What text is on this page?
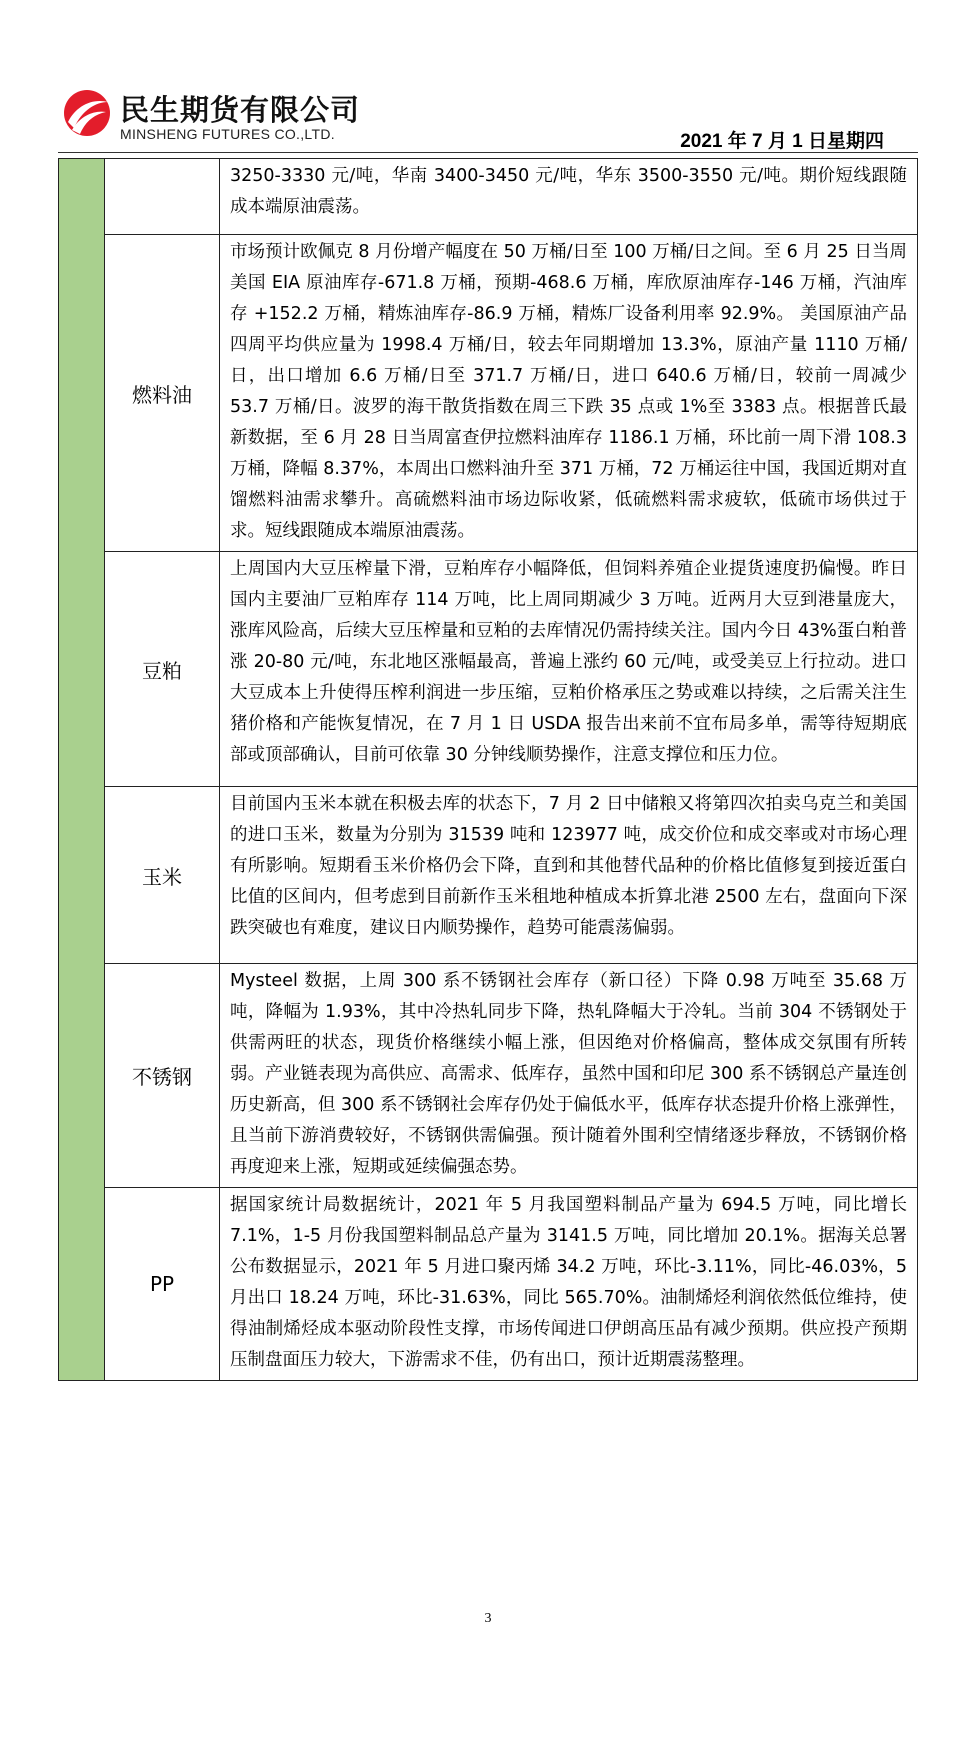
民生期货有限公司
MINSHENG FUTURES CO.,LTD.	2021 年 7 月 1 日星期四
		3250-3330 元/吨，华南 3400-3450 元/吨，华东 3500-3550 元/吨。期价短线跟随成本端原油震荡。
	燃料油	市场预计欧佩克 8 月份增产幅度在 50 万桶/日至 100 万桶/日之间。至 6 月 25 日当周美国 EIA 原油库存-671.8 万桶，预期-468.6 万桶，库欣原油库存-146 万桶，汽油库存 +152.2 万桶，精炼油库存-86.9 万桶，精炼厂设备利用率 92.9%。 美国原油产品四周平均供应量为 1998.4 万桶/日，较去年同期增加 13.3%，原油产量 1110 万桶/日，出口增加 6.6 万桶/日至 371.7 万桶/日，进口 640.6 万桶/日，较前一周减少 53.7 万桶/日。波罗的海干散货指数在周三下跌 35 点或 1%至 3383 点。根据普氏最新数据，至 6 月 28 日当周富查伊拉燃料油库存 1186.1 万桶，环比前一周下滑 108.3 万桶，降幅 8.37%，本周出口燃料油升至 371 万桶，72 万桶运往中国，我国近期对直馏燃料油需求攀升。高硫燃料油市场边际收紧，低硫燃料需求疲软，低硫市场供过于求。短线跟随成本端原油震荡。
	豆粕	上周国内大豆压榨量下滑，豆粕库存小幅降低，但饲料养殖企业提货速度扔偏慢。昨日国内主要油厂豆粕库存 114 万吨，比上周同期减少 3 万吨。近两月大豆到港量庞大，涨库风险高，后续大豆压榨量和豆粕的去库情况仍需持续关注。国内今日 43%蛋白粕普涨 20-80 元/吨，东北地区涨幅最高，普遍上涨约 60 元/吨，或受美豆上行拉动。进口大豆成本上升使得压榨利润进一步压缩，豆粕价格承压之势或难以持续，之后需关注生猪价格和产能恢复情况，在 7 月 1 日 USDA 报告出来前不宜布局多单，需等待短期底部或顶部确认，目前可依靠 30 分钟线顺势操作，注意支撑位和压力位。
	玉米	目前国内玉米本就在积极去库的状态下，7 月 2 日中储粮又将第四次拍卖乌克兰和美国的进口玉米，数量为分别为 31539 吨和 123977 吨，成交价位和成交率或对市场心理有所影响。短期看玉米价格仍会下降，直到和其他替代品种的价格比值修复到接近蛋白比值的区间内，但考虑到目前新作玉米租地种植成本折算北港 2500 左右，盘面向下深跌突破也有难度，建议日内顺势操作，趋势可能震荡偏弱。
	不锈钢	Mysteel 数据，上周 300 系不锈钢社会库存（新口径）下降 0.98 万吨至 35.68 万吨，降幅为 1.93%，其中冷热轧同步下降，热轧降幅大于冷轧。当前 304 不锈钢处于供需两旺的状态，现货价格继续小幅上涨，但因绝对价格偏高，整体成交氛围有所转弱。产业链表现为高供应、高需求、低库存，虽然中国和印尼 300 系不锈钢总产量连创历史新高，但 300 系不锈钢社会库存仍处于偏低水平，低库存状态提升价格上涨弹性，且当前下游消费较好，不锈钢供需偏强。预计随着外围利空情绪逐步释放，不锈钢价格再度迎来上涨，短期或延续偏强态势。
	PP	据国家统计局数据统计，2021 年 5 月我国塑料制品产量为 694.5 万吨，同比增长 7.1%，1-5 月份我国塑料制品总产量为 3141.5 万吨，同比增加 20.1%。据海关总署公布数据显示，2021 年 5 月进口聚丙烯 34.2 万吨，环比-3.11%，同比-46.03%，5 月出口 18.24 万吨，环比-31.63%，同比 565.70%。油制烯烃利润依然低位维持，使得油制烯烃成本驱动阶段性支撑，市场传闻进口伊朗高压品有减少预期。供应投产预期压制盘面压力较大，下游需求不佳，仍有出口，预计近期震荡整理。
3
